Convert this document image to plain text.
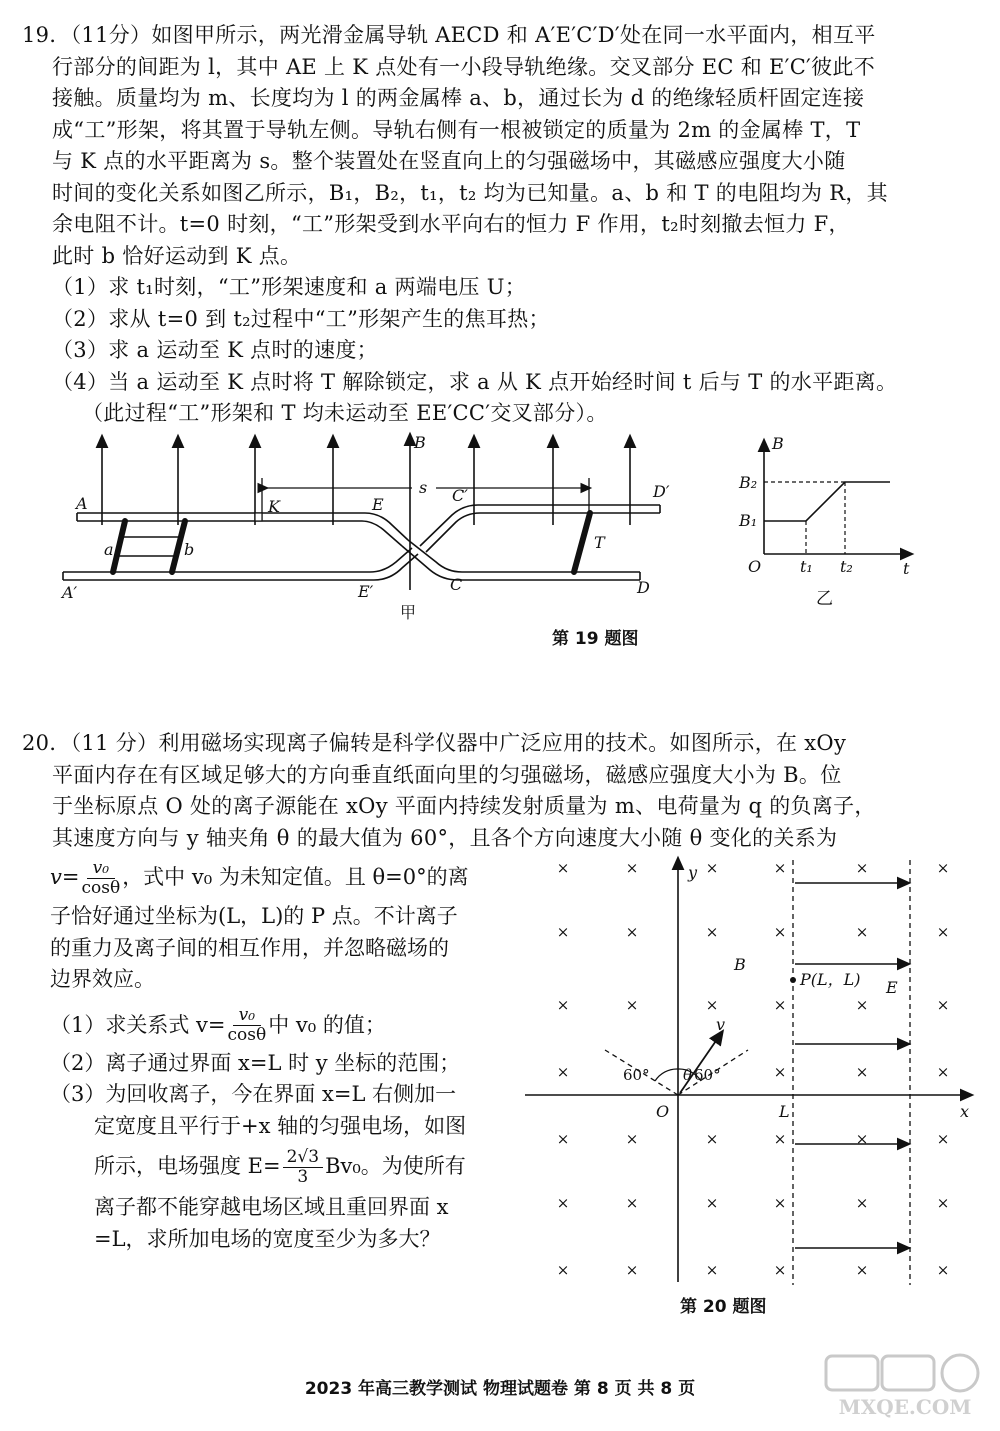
19．（11分）如图甲所示，两光滑金属导轨 AECD 和 A′E′C′D′处在同一水平面内，相互平
行部分的间距为 l，其中 AE 上 K 点处有一小段导轨绝缘。交叉部分 EC 和 E′C′彼此不
接触。质量均为 m、长度均为 l 的两金属棒 a、b，通过长为 d 的绝缘轻质杆固定连接
成“工”形架，将其置于导轨左侧。导轨右侧有一根被锁定的质量为 2m 的金属棒 T，T
与 K 点的水平距离为 s。整个装置处在竖直向上的匀强磁场中，其磁感应强度大小随
时间的变化关系如图乙所示，B₁，B₂，t₁，t₂ 均为已知量。a、b 和 T 的电阻均为 R，其
余电阻不计。t=0 时刻，“工”形架受到水平向右的恒力 F 作用，t₂时刻撤去恒力 F，
此时 b 恰好运动到 K 点。
（1）求 t₁时刻，“工”形架速度和 a 两端电压 U；
（2）求从 t=0 到 t₂过程中“工”形架产生的焦耳热；
（3）求 a 运动至 K 点时的速度；
（4）当 a 运动至 K 点时将 T 解除锁定，求 a 从 K 点开始经时间 t 后与 T 的水平距离。
（此过程“工”形架和 T 均未运动至 EE′CC′交叉部分）。
B
A
A′
K	E
E′
s C′
C
D′
D
a	b	T
甲
B
B₂
B₁
O t₁ t₂	t
乙
第 19 题图
20．（11 分）利用磁场实现离子偏转是科学仪器中广泛应用的技术。如图所示，在 xOy
平面内存在有区域足够大的方向垂直纸面向里的匀强磁场，磁感应强度大小为 B。位
于坐标原点 O 处的离子源能在 xOy 平面内持续发射质量为 m、电荷量为 q 的负离子，
其速度方向与 y 轴夹角 θ 的最大值为 60°，且各个方向速度大小随 θ 变化的关系为
$v= \frac{\text{v₀}}{\cos\theta}$ ，式中 v₀ 为未知定值。且 θ=0°的离
子恰好通过坐标为(L，L)的 P 点。不计离子
的重力及离子间的相互作用，并忽略磁场的
边界效应。
（1）求关系式 $v= \frac{\text{v₀}}{\cos\theta}$ 中 v₀ 的值；
（2）离子通过界面 x=L 时 y 坐标的范围；
（3）为回收离子，今在界面 x=L 右侧加一
定宽度且平行于+x 轴的匀强电场，如图
所示，电场强度 $E= \frac{2√3}{3} Bv_0$。为使所有
离子都不能穿越电场区域且重回界面 x
=L，求所加电场的宽度至少为多大？
×	×	×	×	×	×
×	×	×	×	×	×
×	×	×	×	×	×
×	×	×	×
×	×	×	×	×	×
×	×	×	×	×	×
×	×	×	×	×	×
y
x
O	L
B
P(L，L) E
v
θ
60°	60°
第 20 题图
2023 年高三教学测试 物理试题卷 第 8 页 共 8 页
MXQE.COM
